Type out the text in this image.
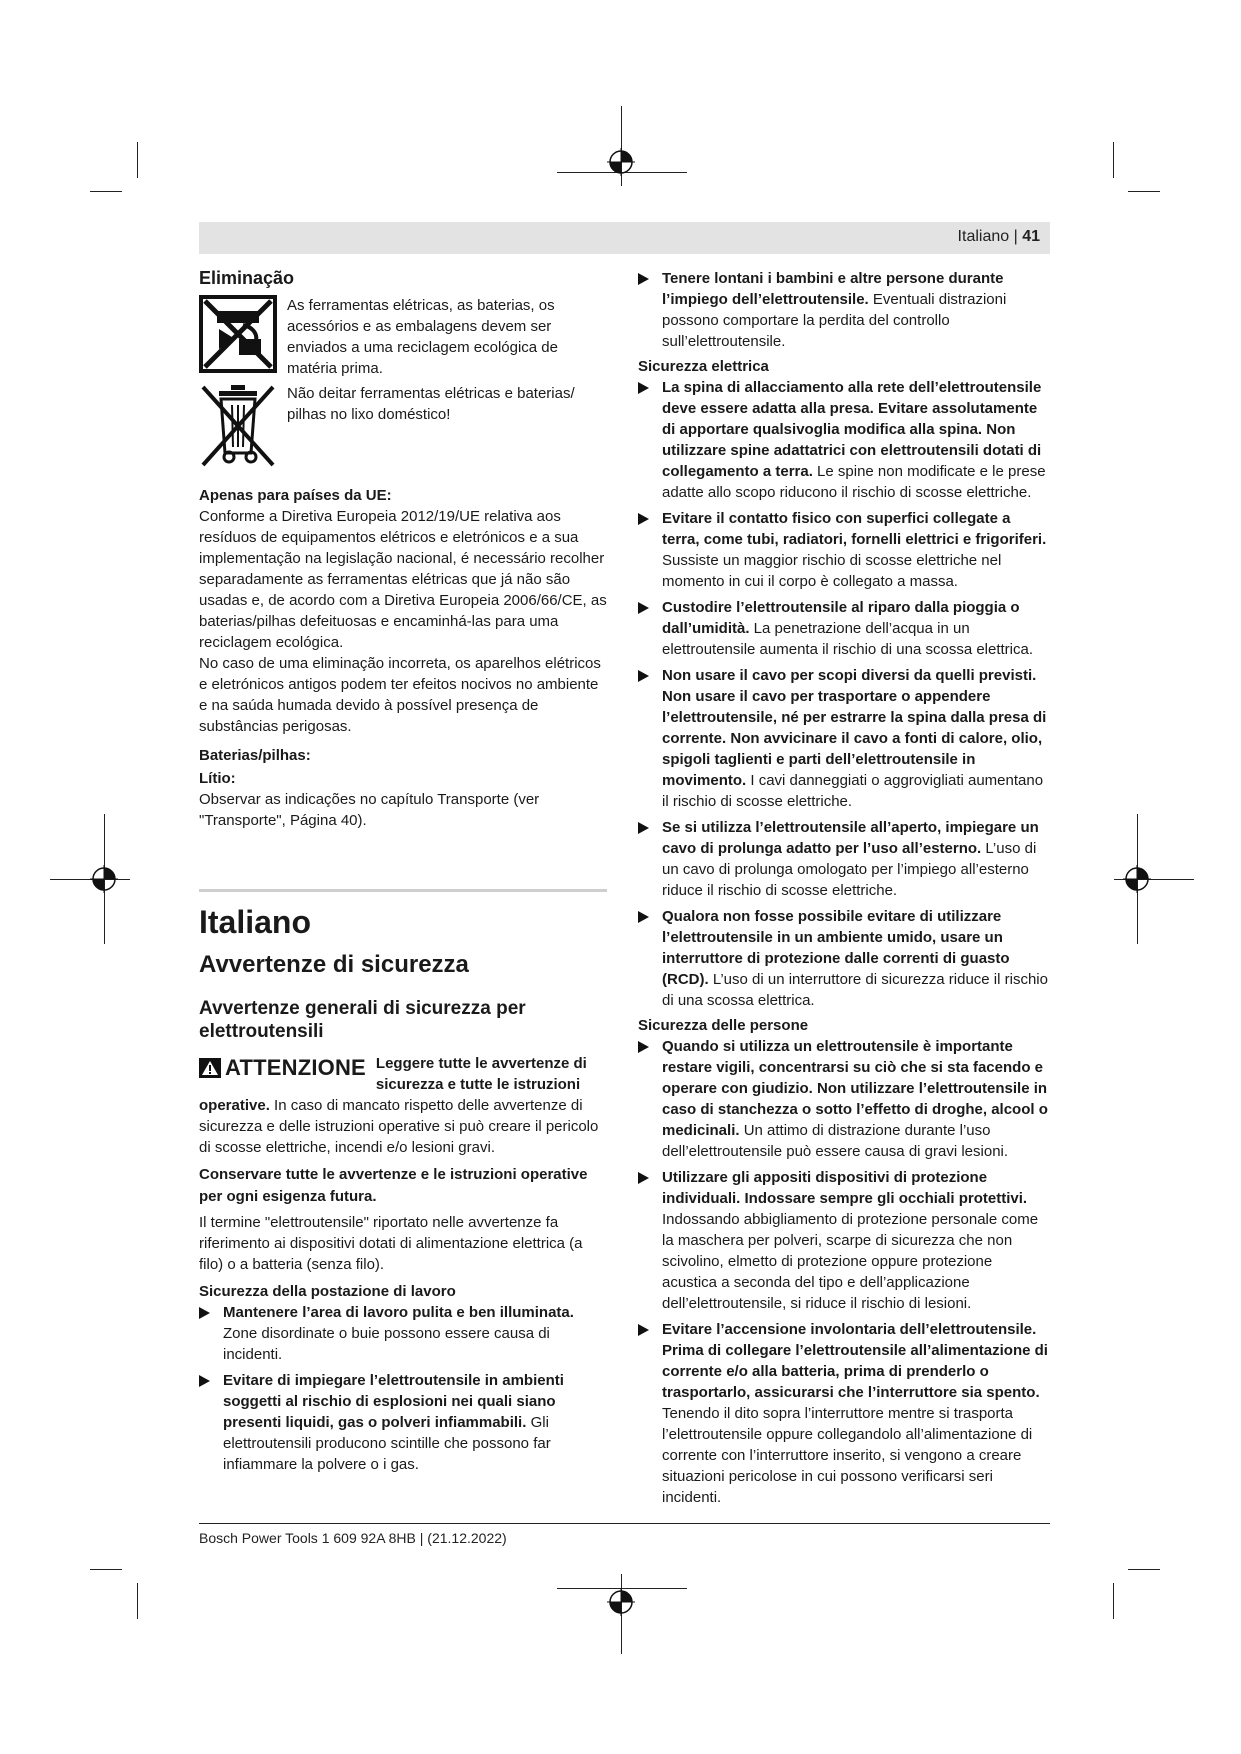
Italiano | 41
Eliminação
As ferramentas elétricas, as baterias, os acessórios e as embalagens devem ser enviados a uma reciclagem ecológica de matéria prima.
Não deitar ferramentas elétricas e baterias/ pilhas no lixo doméstico!
Apenas para países da UE:

Conforme a Diretiva Europeia 2012/19/UE relativa aos resíduos de equipamentos elétricos e eletrónicos e a sua implementação na legislação nacional, é necessário recolher separadamente as ferramentas elétricas que já não são usadas e, de acordo com a Diretiva Europeia 2006/66/CE, as baterias/pilhas defeituosas e encaminhá-las para uma reciclagem ecológica.

No caso de uma eliminação incorreta, os aparelhos elétricos e eletrónicos antigos podem ter efeitos nocivos no ambiente e na saúda humada devido à possível presença de substâncias perigosas.

Baterias/pilhas:
Lítio:

Observar as indicações no capítulo Transporte (ver "Transporte", Página 40).

Italiano
Avvertenze di sicurezza
Avvertenze generali di sicurezza per elettroutensili
ATTENZIONE Leggere tutte le avvertenze di sicurezza e tutte le istruzioni operative. In caso di mancato rispetto delle avvertenze di sicurezza e delle istruzioni operative si può creare il pericolo di scosse elettriche, incendi e/o lesioni gravi.

Conservare tutte le avvertenze e le istruzioni operative per ogni esigenza futura.

Il termine "elettroutensile" riportato nelle avvertenze fa riferimento ai dispositivi dotati di alimentazione elettrica (a filo) o a batteria (senza filo).

Sicurezza della postazione di lavoro
Mantenere l’area di lavoro pulita e ben illuminata. Zone disordinate o buie possono essere causa di incidenti.
Evitare di impiegare l’elettroutensile in ambienti soggetti al rischio di esplosioni nei quali siano presenti liquidi, gas o polveri infiammabili. Gli elettroutensili producono scintille che possono far infiammare la polvere o i gas.
Tenere lontani i bambini e altre persone durante l’impiego dell’elettroutensile. Eventuali distrazioni possono comportare la perdita del controllo sull’elettroutensile.
Sicurezza elettrica
La spina di allacciamento alla rete dell’elettroutensile deve essere adatta alla presa. Evitare assolutamente di apportare qualsivoglia modifica alla spina. Non utilizzare spine adattatrici con elettroutensili dotati di collegamento a terra. Le spine non modificate e le prese adatte allo scopo riducono il rischio di scosse elettriche.
Evitare il contatto fisico con superfici collegate a terra, come tubi, radiatori, fornelli elettrici e frigoriferi. Sussiste un maggior rischio di scosse elettriche nel momento in cui il corpo è collegato a massa.
Custodire l’elettroutensile al riparo dalla pioggia o dall’umidità. La penetrazione dell’acqua in un elettroutensile aumenta il rischio di una scossa elettrica.
Non usare il cavo per scopi diversi da quelli previsti. Non usare il cavo per trasportare o appendere l’elettroutensile, né per estrarre la spina dalla presa di corrente. Non avvicinare il cavo a fonti di calore, olio, spigoli taglienti e parti dell’elettroutensile in movimento. I cavi danneggiati o aggrovigliati aumentano il rischio di scosse elettriche.
Se si utilizza l’elettroutensile all’aperto, impiegare un cavo di prolunga adatto per l’uso all’esterno. L’uso di un cavo di prolunga omologato per l’impiego all’esterno riduce il rischio di scosse elettriche.
Qualora non fosse possibile evitare di utilizzare l’elettroutensile in un ambiente umido, usare un interruttore di protezione dalle correnti di guasto (RCD). L’uso di un interruttore di sicurezza riduce il rischio di una scossa elettrica.
Sicurezza delle persone
Quando si utilizza un elettroutensile è importante restare vigili, concentrarsi su ciò che si sta facendo e operare con giudizio. Non utilizzare l’elettroutensile in caso di stanchezza o sotto l’effetto di droghe, alcool o medicinali. Un attimo di distrazione durante l’uso dell’elettroutensile può essere causa di gravi lesioni.
Utilizzare gli appositi dispositivi di protezione individuali. Indossare sempre gli occhiali protettivi. Indossando abbigliamento di protezione personale come la maschera per polveri, scarpe di sicurezza che non scivolino, elmetto di protezione oppure protezione acustica a seconda del tipo e dell’applicazione dell’elettroutensile, si riduce il rischio di lesioni.
Evitare l’accensione involontaria dell’elettroutensile. Prima di collegare l’elettroutensile all’alimentazione di corrente e/o alla batteria, prima di prenderlo o trasportarlo, assicurarsi che l’interruttore sia spento. Tenendo il dito sopra l’interruttore mentre si trasporta l’elettroutensile oppure collegandolo all’alimentazione di corrente con l’interruttore inserito, si vengono a creare situazioni pericolose in cui possono verificarsi seri incidenti.
Bosch Power Tools 1 609 92A 8HB | (21.12.2022)
